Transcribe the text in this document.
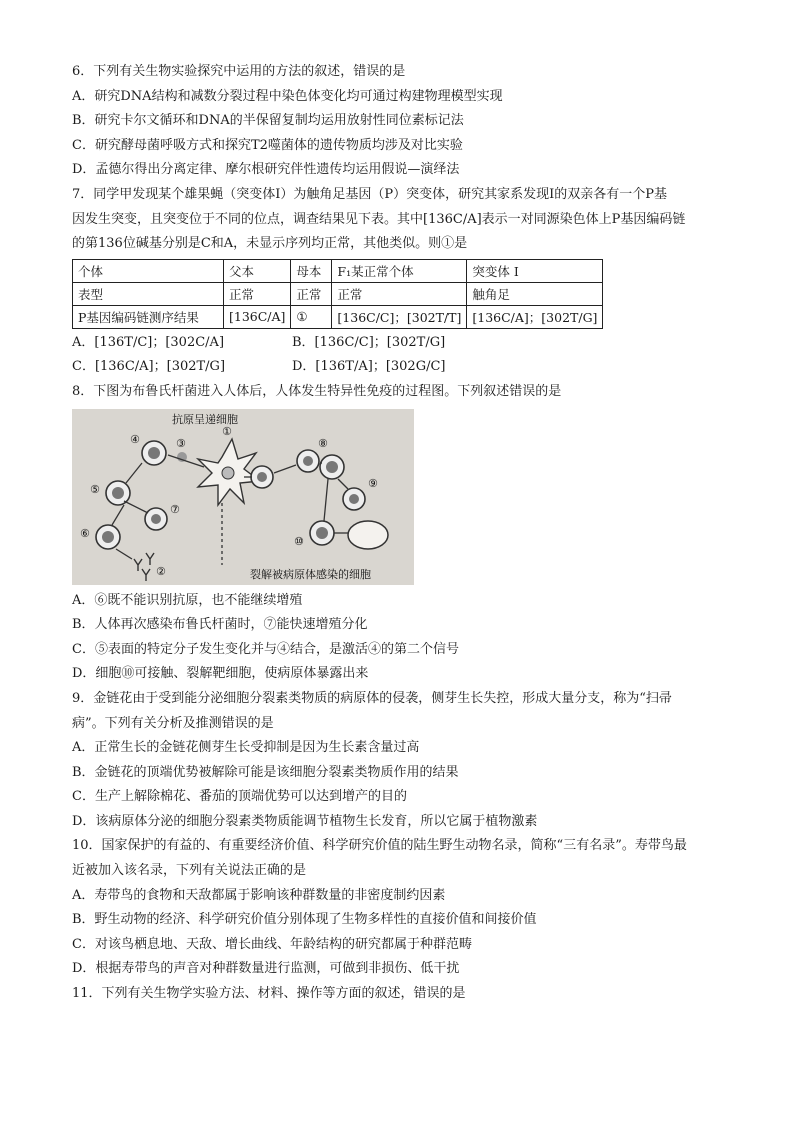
6．下列有关生物实验探究中运用的方法的叙述，错误的是
A．研究DNA结构和减数分裂过程中染色体变化均可通过构建物理模型实现
B．研究卡尔文循环和DNA的半保留复制均运用放射性同位素标记法
C．研究酵母菌呼吸方式和探究T2噬菌体的遗传物质均涉及对比实验
D．孟德尔得出分离定律、摩尔根研究伴性遗传均运用假说—演绎法
7．同学甲发现某个雄果蝇（突变体I）为触角足基因（P）突变体，研究其家系发现I的双亲各有一个P基
因发生突变，且突变位于不同的位点，调查结果见下表。其中[136C/A]表示一对同源染色体上P基因编码链
的第136位碱基分别是C和A，未显示序列均正常，其他类似。则①是
个体	父本	母本	F₁某正常个体	突变体 I
表型	正常	正常	正常	触角足
P基因编码链测序结果	[136C/A]	①	[136C/C]；[302T/T]	[136C/A]；[302T/G]
A．[136T/C]；[302C/A]	B．[136C/C]；[302T/G]
C．[136C/A]；[302T/G]	D．[136T/A]；[302G/C]
8．下图为布鲁氏杆菌进入人体后，人体发生特异性免疫的过程图。下列叙述错误的是
抗原呈递细胞
裂解被病原体感染的细胞
①
②
③
④
⑤
⑥
⑦
⑧
⑨
⑩
A．⑥既不能识别抗原，也不能继续增殖
B．人体再次感染布鲁氏杆菌时，⑦能快速增殖分化
C．⑤表面的特定分子发生变化并与④结合，是激活④的第二个信号
D．细胞⑩可接触、裂解靶细胞，使病原体暴露出来
9．金链花由于受到能分泌细胞分裂素类物质的病原体的侵袭，侧芽生长失控，形成大量分支，称为“扫帚
病”。下列有关分析及推测错误的是
A．正常生长的金链花侧芽生长受抑制是因为生长素含量过高
B．金链花的顶端优势被解除可能是该细胞分裂素类物质作用的结果
C．生产上解除棉花、番茄的顶端优势可以达到增产的目的
D．该病原体分泌的细胞分裂素类物质能调节植物生长发育，所以它属于植物激素
10．国家保护的有益的、有重要经济价值、科学研究价值的陆生野生动物名录，简称“三有名录”。寿带鸟最
近被加入该名录，下列有关说法正确的是
A．寿带鸟的食物和天敌都属于影响该种群数量的非密度制约因素
B．野生动物的经济、科学研究价值分别体现了生物多样性的直接价值和间接价值
C．对该鸟栖息地、天敌、增长曲线、年龄结构的研究都属于种群范畴
D．根据寿带鸟的声音对种群数量进行监测，可做到非损伤、低干扰
11．下列有关生物学实验方法、材料、操作等方面的叙述，错误的是
